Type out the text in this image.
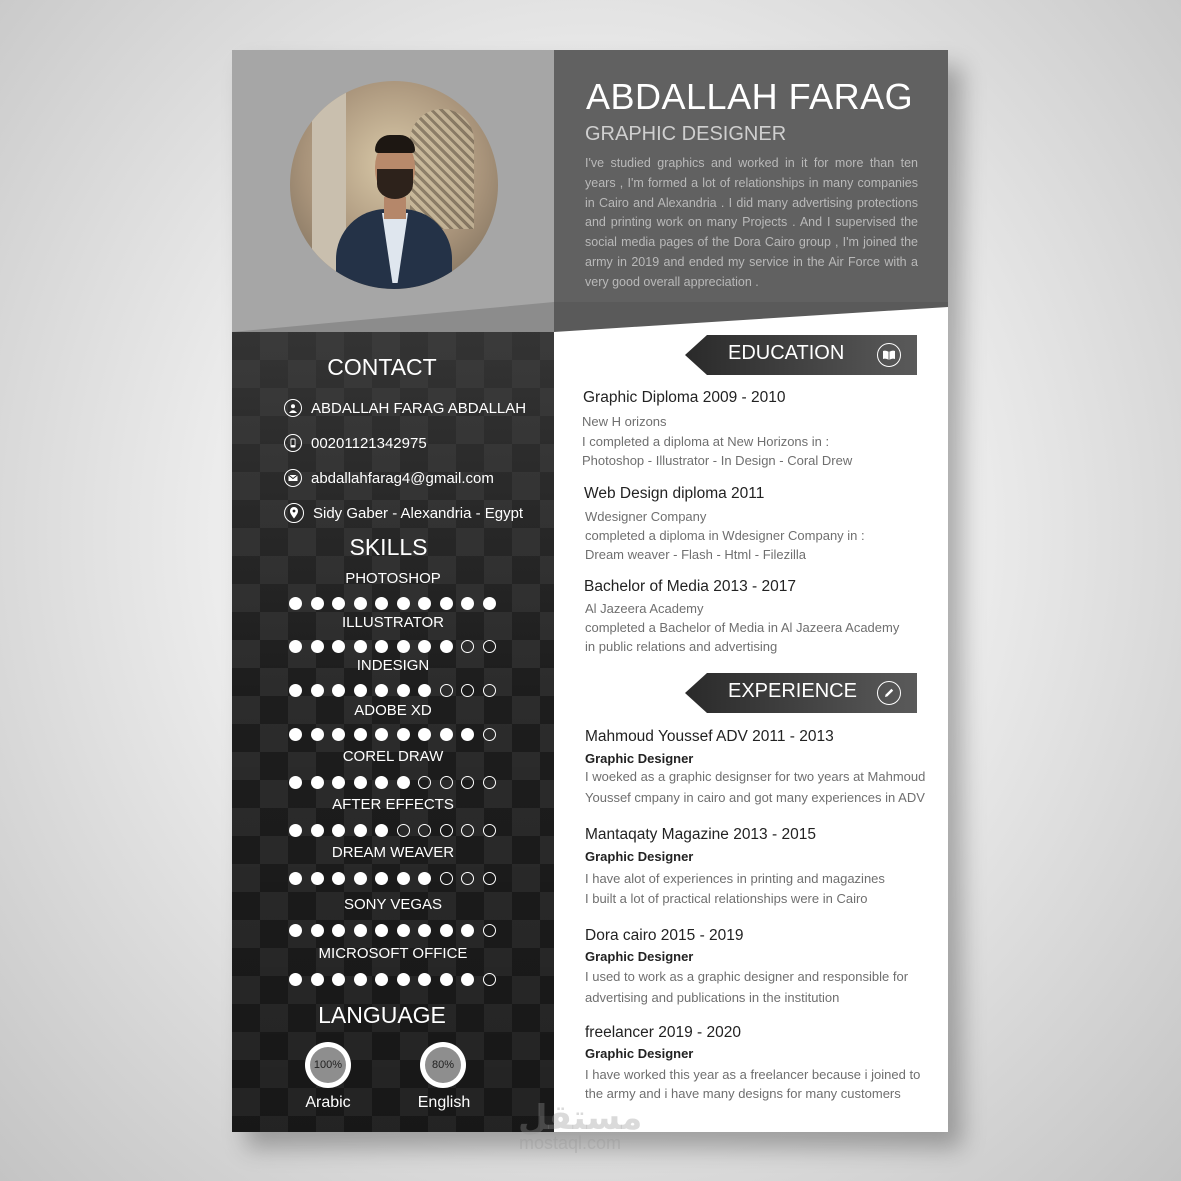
ABDALLAH FARAG
GRAPHIC DESIGNER
I've studied graphics and worked in it for more than ten years , I'm formed a lot of relationships in many companies in Cairo and Alexandria . I did many advertising protections and printing work on many Projects . And I supervised the social media pages of the Dora Cairo group , I'm joined the army in 2019 and ended my service in the Air Force with a very good overall appreciation .
CONTACT
ABDALLAH FARAG ABDALLAH
00201121342975
abdallahfarag4@gmail.com
Sidy Gaber - Alexandria - Egypt
SKILLS
PHOTOSHOP
ILLUSTRATOR
INDESIGN
ADOBE XD
COREL DRAW
AFTER EFFECTS
DREAM WEAVER
SONY VEGAS
MICROSOFT OFFICE
LANGUAGE
100%
Arabic
80%
English
EDUCATION
Graphic Diploma 2009 - 2010
New H orizons
I completed a diploma at New Horizons in :
Photoshop - Illustrator - In Design - Coral Drew
Web Design diploma 2011
Wdesigner Company
completed a diploma in Wdesigner Company in :
Dream weaver - Flash - Html - Filezilla
Bachelor of Media 2013 - 2017
Al Jazeera Academy
completed a Bachelor of Media in Al Jazeera Academy
in public relations and advertising
EXPERIENCE
Mahmoud Youssef ADV 2011 - 2013
Graphic Designer
I woeked as a graphic designser for two years at Mahmoud
Youssef cmpany in cairo and got many experiences in ADV
Mantaqaty Magazine 2013 - 2015
Graphic Designer
I have alot of experiences in printing and magazines
I built a lot of practical relationships were in Cairo
Dora cairo 2015 - 2019
Graphic Designer
I used to work as a graphic designer and responsible for
advertising and publications in the institution
freelancer 2019 - 2020
Graphic Designer
I have worked this year as a freelancer because i joined to
the army and i have many designs for many customers
مستقل
mostaql.com
